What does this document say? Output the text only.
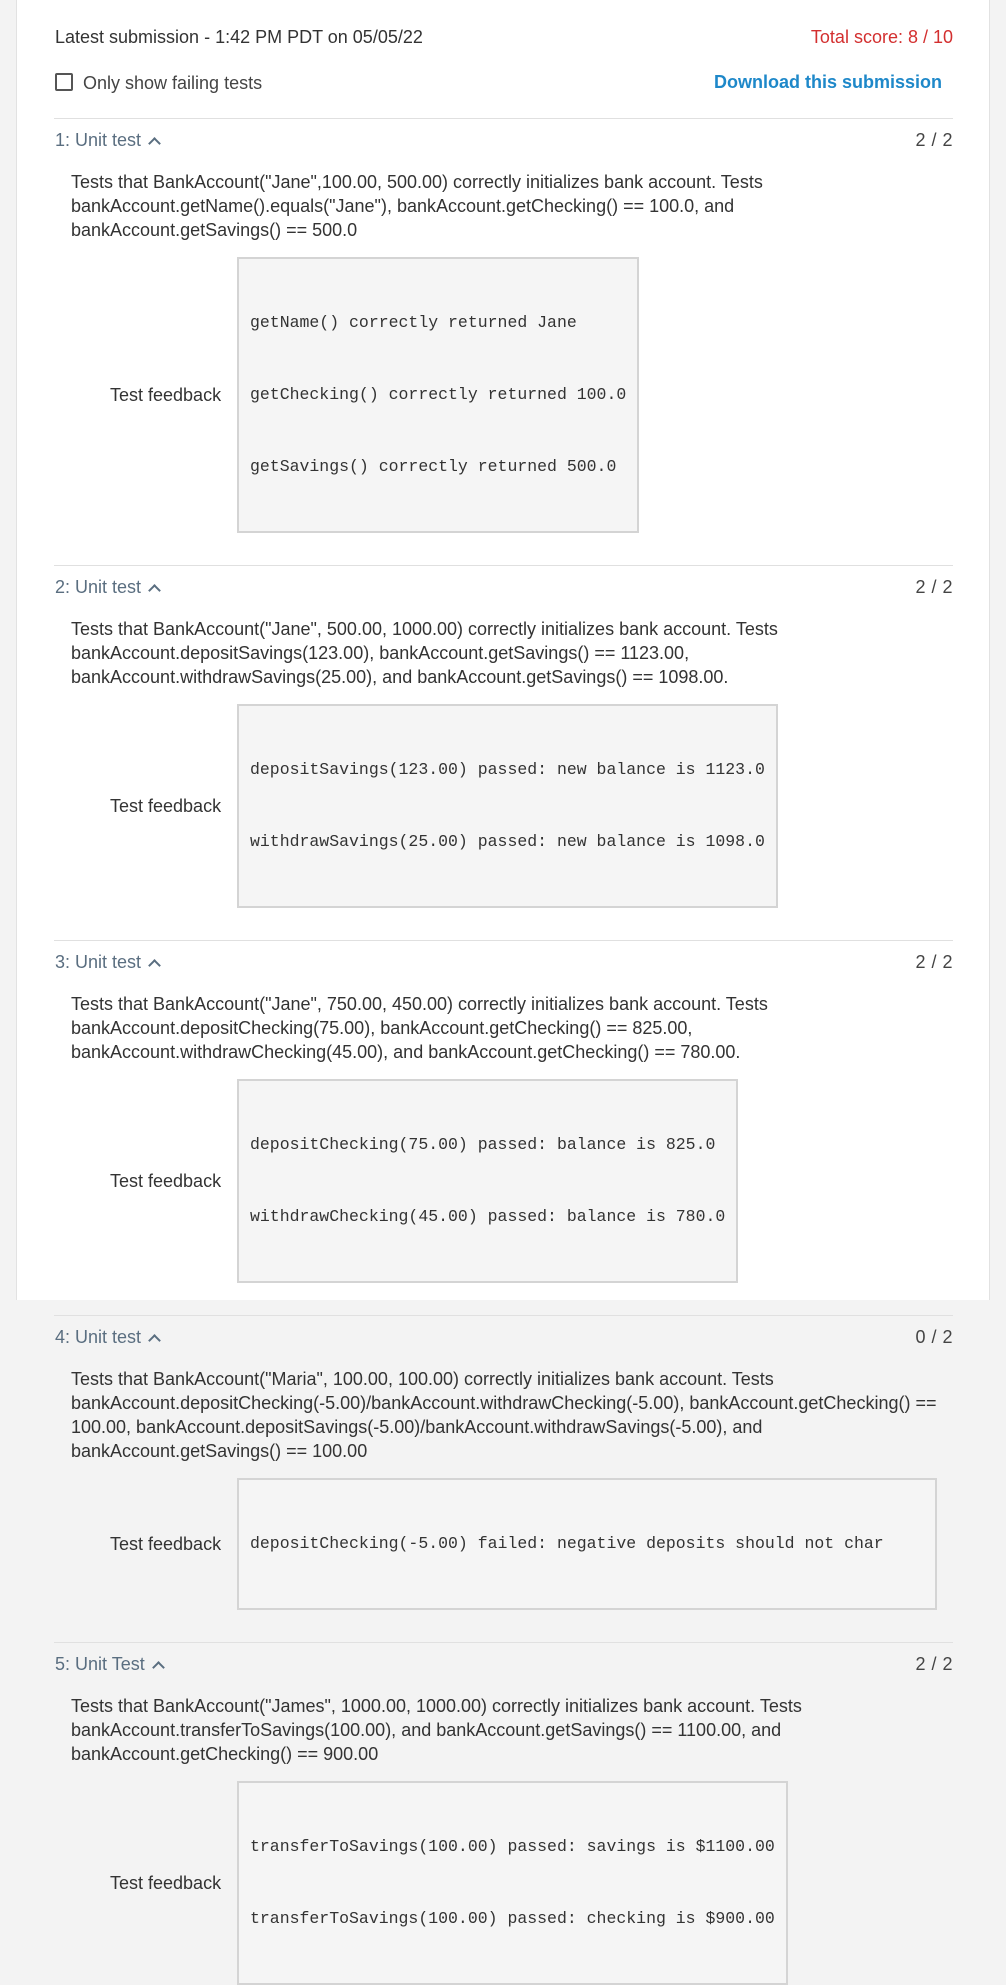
Latest submission - 1:42 PM PDT on 05/05/22	Total score: 8 / 10
Only show failing tests	Download this submission
1: Unit test	2 / 2
Tests that BankAccount("Jane",100.00, 500.00) correctly initializes bank account. Tests bankAccount.getName().equals("Jane"), bankAccount.getChecking() == 100.0, and bankAccount.getSavings() == 500.0
Test feedback

getName() correctly returned Jane

getChecking() correctly returned 100.0

getSavings() correctly returned 500.0

2: Unit test	2 / 2
Tests that BankAccount("Jane", 500.00, 1000.00) correctly initializes bank account. Tests bankAccount.depositSavings(123.00), bankAccount.getSavings() == 1123.00, bankAccount.withdrawSavings(25.00), and bankAccount.getSavings() == 1098.00.
Test feedback

depositSavings(123.00) passed: new balance is 1123.0

withdrawSavings(25.00) passed: new balance is 1098.0

3: Unit test	2 / 2
Tests that BankAccount("Jane", 750.00, 450.00) correctly initializes bank account. Tests bankAccount.depositChecking(75.00), bankAccount.getChecking() == 825.00, bankAccount.withdrawChecking(45.00), and bankAccount.getChecking() == 780.00.
Test feedback

depositChecking(75.00) passed: balance is 825.0

withdrawChecking(45.00) passed: balance is 780.0

4: Unit test	0 / 2
Tests that BankAccount("Maria", 100.00, 100.00) correctly initializes bank account. Tests bankAccount.depositChecking(-5.00)/bankAccount.withdrawChecking(-5.00), bankAccount.getChecking() == 100.00, bankAccount.depositSavings(-5.00)/bankAccount.withdrawSavings(-5.00), and bankAccount.getSavings() == 100.00
Test feedback

	depositChecking(-5.00) failed: negative deposits should not char

5: Unit Test	2 / 2
Tests that BankAccount("James", 1000.00, 1000.00) correctly initializes bank account. Tests bankAccount.transferToSavings(100.00), and bankAccount.getSavings() == 1100.00, and bankAccount.getChecking() == 900.00
Test feedback

transferToSavings(100.00) passed: savings is $1100.00

transferToSavings(100.00) passed: checking is $900.00
